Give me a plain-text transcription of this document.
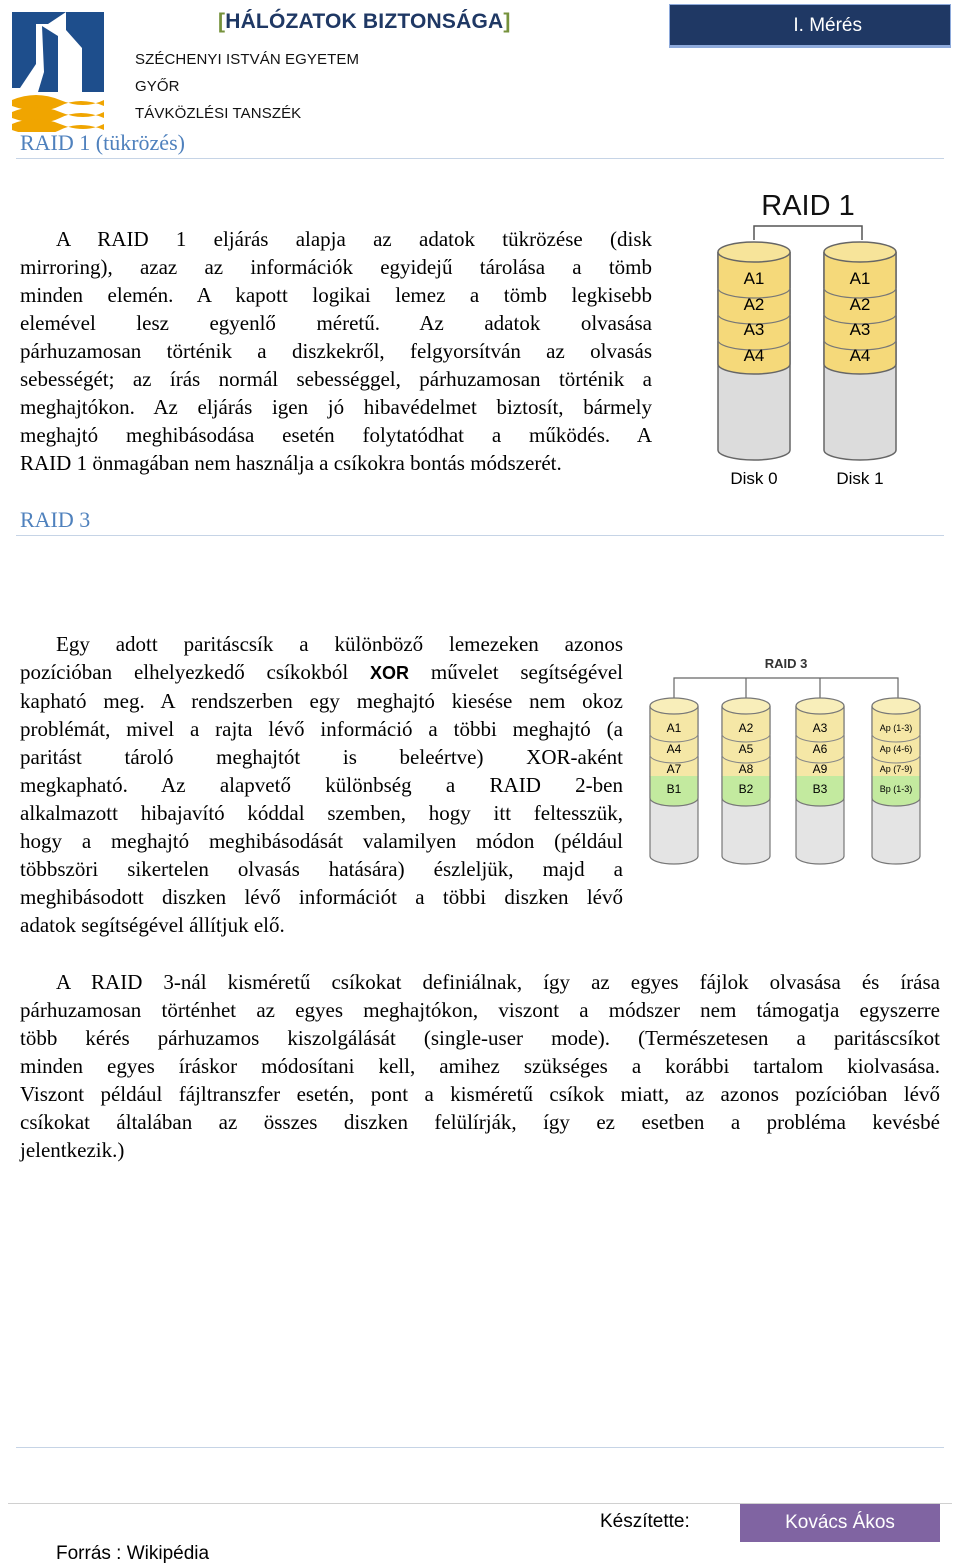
[HÁLÓZATOK BIZTONSÁGA]
SZÉCHENYI ISTVÁN EGYETEM
GYŐR
TÁVKÖZLÉSI TANSZÉK
I. Mérés
RAID 1 (tükrözés)
A RAID 1 eljárás alapja az adatok tükrözése (disk
mirroring), azaz az információk egyidejű tárolása a tömb
minden elemén. A kapott logikai lemez a tömb legkisebb
elemével lesz egyenlő méretű. Az adatok olvasása
párhuzamosan történik a diszkekről, felgyorsítván az olvasás
sebességét; az írás normál sebességgel, párhuzamosan történik a
meghajtókon. Az eljárás igen jó hibavédelmet biztosít, bármely
meghajtó meghibásodása esetén folytatódhat a működés. A
RAID 1 önmagában nem használja a csíkokra bontás módszerét.
RAID 1
A1
A2
A3
A4
Disk 0
A1
A2
A3
A4
Disk 1
RAID 3
Egy adott paritáscsík a különböző lemezeken azonos
pozícióban elhelyezkedő csíkokból XOR művelet segítségével
kapható meg. A rendszerben egy meghajtó kiesése nem okoz
problémát, mivel a rajta lévő információ a többi meghajtó (a
paritást tároló meghajtót is beleértve) XOR-aként
megkapható. Az alapvető különbség a RAID 2-ben
alkalmazott hibajavító kóddal szemben, hogy itt feltesszük,
hogy a meghajtó meghibásodását valamilyen módon (például
többszöri sikertelen olvasás hatására) észleljük, majd a
meghibásodott diszken lévő információt a többi diszken lévő
adatok segítségével állítjuk elő.
RAID 3
A1
A4
A7
B1
A2
A5
A8
B2
A3
A6
A9
B3
Ap (1-3)
Ap (4-6)
Ap (7-9)
Bp (1-3)
A RAID 3-nál kisméretű csíkokat definiálnak, így az egyes fájlok olvasása és írása
párhuzamosan történhet az egyes meghajtókon, viszont a módszer nem támogatja egyszerre
több kérés párhuzamos kiszolgálását (single-user mode). (Természetesen a paritáscsíkot
minden egyes íráskor módosítani kell, amihez szükséges a korábbi tartalom kiolvasása.
Viszont például fájltranszfer esetén, pont a kisméretű csíkok miatt, az azonos pozícióban lévő
csíkokat általában az összes diszken felülírják, így ez esetben a probléma kevésbé
jelentkezik.)
Készítette:	Kovács Ákos
Forrás : Wikipédia
